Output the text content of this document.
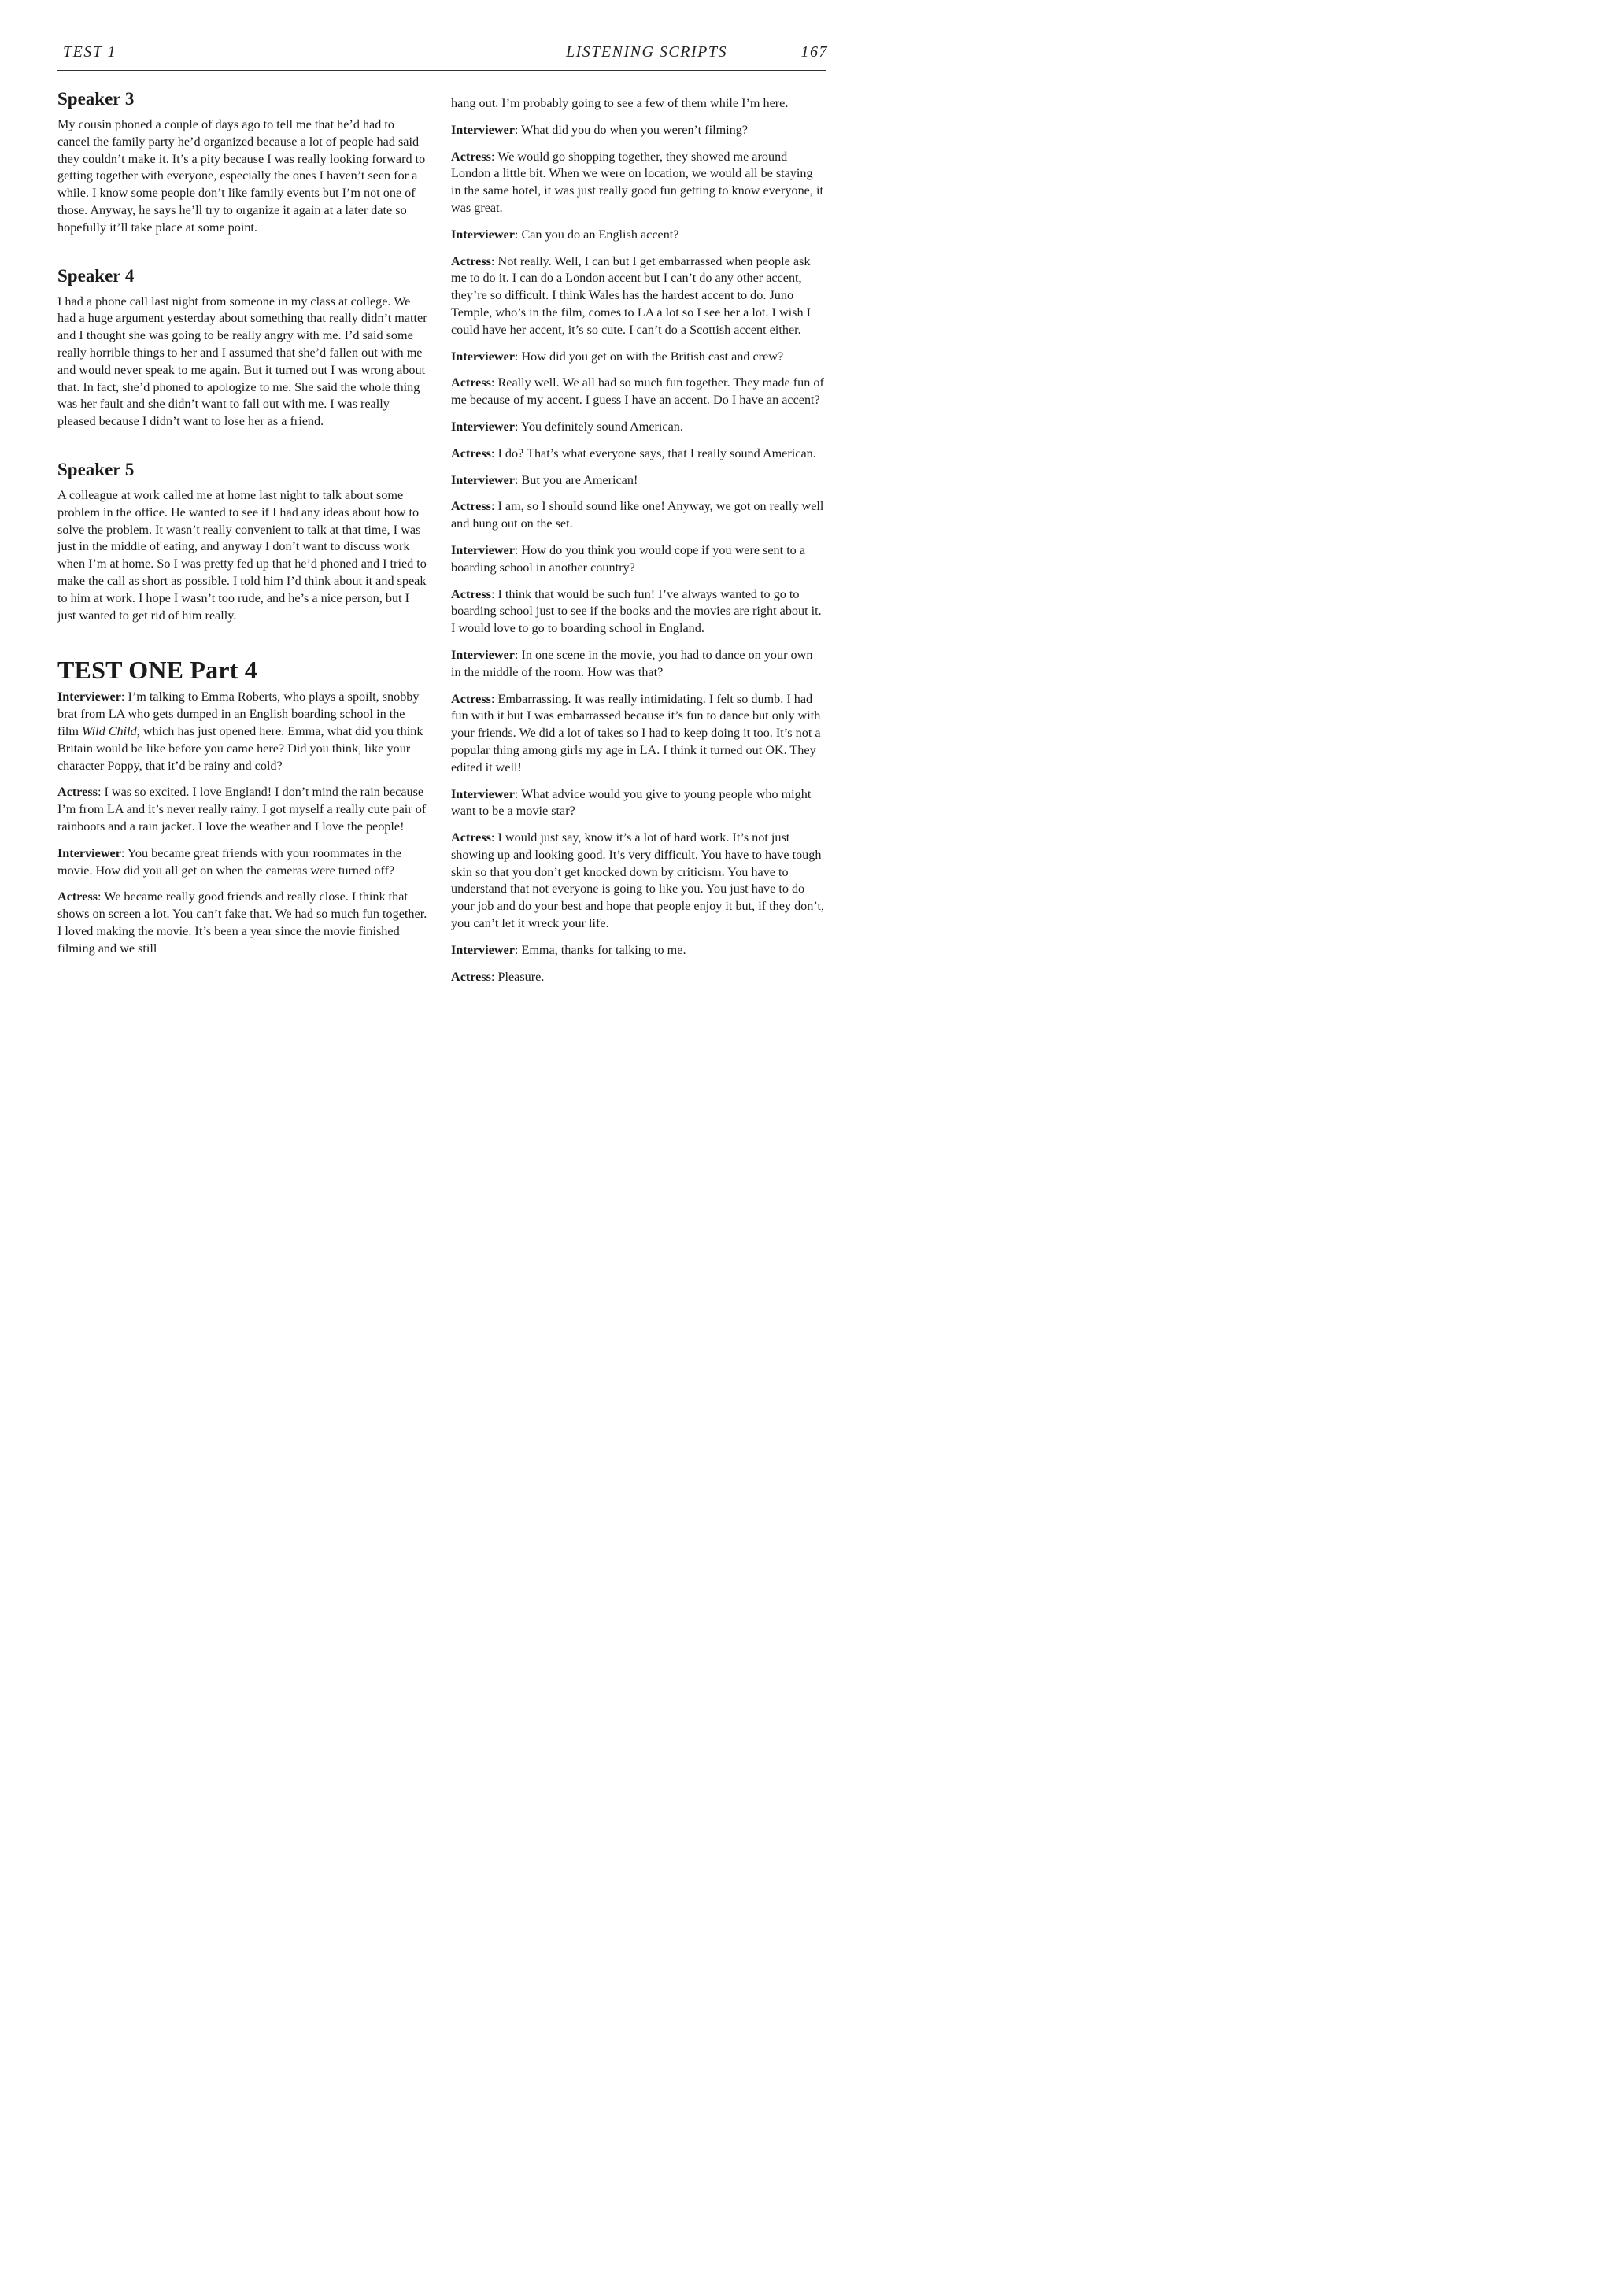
TEST 1	LISTENING SCRIPTS	167
Speaker 3

My cousin phoned a couple of days ago to tell me that he’d had to cancel the family party he’d organized because a lot of people had said they couldn’t make it. It’s a pity because I was really looking forward to getting together with everyone, especially the ones I haven’t seen for a while. I know some people don’t like family events but I’m not one of those. Anyway, he says he’ll try to organize it again at a later date so hopefully it’ll take place at some point.

Speaker 4

I had a phone call last night from someone in my class at college. We had a huge argument yesterday about something that really didn’t matter and I thought she was going to be really angry with me. I’d said some really horrible things to her and I assumed that she’d fallen out with me and would never speak to me again. But it turned out I was wrong about that. In fact, she’d phoned to apologize to me. She said the whole thing was her fault and she didn’t want to fall out with me. I was really pleased because I didn’t want to lose her as a friend.

Speaker 5

A colleague at work called me at home last night to talk about some problem in the office. He wanted to see if I had any ideas about how to solve the problem. It wasn’t really convenient to talk at that time, I was just in the middle of eating, and anyway I don’t want to discuss work when I’m at home. So I was pretty fed up that he’d phoned and I tried to make the call as short as possible. I told him I’d think about it and speak to him at work. I hope I wasn’t too rude, and he’s a nice person, but I just wanted to get rid of him really.

TEST ONE Part 4

Interviewer : I’m talking to Emma Roberts, who plays a spoilt, snobby brat from LA who gets dumped in an English boarding school in the film Wild Child, which has just opened here. Emma, what did you think Britain would be like before you came here? Did you think, like your character Poppy, that it’d be rainy and cold?

Actress : I was so excited. I love England! I don’t mind the rain because I’m from LA and it’s never really rainy. I got myself a really cute pair of rainboots and a rain jacket. I love the weather and I love the people!

Interviewer : You became great friends with your roommates in the movie. How did you all get on when the cameras were turned off?

Actress : We became really good friends and really close. I think that shows on screen a lot. You can’t fake that. We had so much fun together. I loved making the movie. It’s been a year since the movie finished filming and we still

hang out. I’m probably going to see a few of them while I’m here.

Interviewer : What did you do when you weren’t filming?

Actress : We would go shopping together, they showed me around London a little bit. When we were on location, we would all be staying in the same hotel, it was just really good fun getting to know everyone, it was great.

Interviewer : Can you do an English accent?

Actress : Not really. Well, I can but I get embarrassed when people ask me to do it. I can do a London accent but I can’t do any other accent, they’re so difficult. I think Wales has the hardest accent to do. Juno Temple, who’s in the film, comes to LA a lot so I see her a lot. I wish I could have her accent, it’s so cute. I can’t do a Scottish accent either.

Interviewer : How did you get on with the British cast and crew?

Actress : Really well. We all had so much fun together. They made fun of me because of my accent. I guess I have an accent. Do I have an accent?

Interviewer : You definitely sound American.

Actress : I do? That’s what everyone says, that I really sound American.

Interviewer : But you are American!

Actress : I am, so I should sound like one! Anyway, we got on really well and hung out on the set.

Interviewer : How do you think you would cope if you were sent to a boarding school in another country?

Actress : I think that would be such fun! I’ve always wanted to go to boarding school just to see if the books and the movies are right about it. I would love to go to boarding school in England.

Interviewer : In one scene in the movie, you had to dance on your own in the middle of the room. How was that?

Actress : Embarrassing. It was really intimidating. I felt so dumb. I had fun with it but I was embarrassed because it’s fun to dance but only with your friends. We did a lot of takes so I had to keep doing it too. It’s not a popular thing among girls my age in LA. I think it turned out OK. They edited it well!

Interviewer : What advice would you give to young people who might want to be a movie star?

Actress : I would just say, know it’s a lot of hard work. It’s not just showing up and looking good. It’s very difficult. You have to have tough skin so that you don’t get knocked down by criticism. You have to understand that not everyone is going to like you. You just have to do your job and do your best and hope that people enjoy it but, if they don’t, you can’t let it wreck your life.

Interviewer : Emma, thanks for talking to me.

Actress : Pleasure.
